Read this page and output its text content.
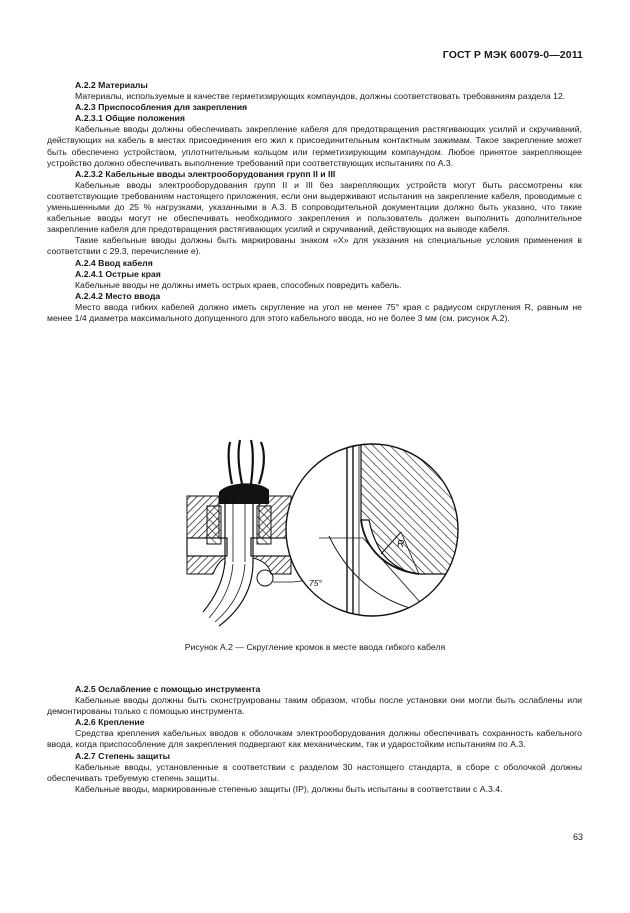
ГОСТ Р МЭК 60079-0—2011

А.2.2 Материалы

Материалы, используемые в качестве герметизирующих компаундов, должны соответствовать требованиям раздела 12.

А.2.3 Приспособления для закрепления

А.2.3.1 Общие положения

Кабельные вводы должны обеспечивать закрепление кабеля для предотвращения растягивающих усилий и скручиваний, действующих на кабель в местах присоединения его жил к присоединительным контактным зажимам. Такое закрепление может быть обеспечено устройством, уплотнительным кольцом или герметизирующим компаундом. Любое принятое закрепляющее устройство должно обеспечивать выполнение требований при соответствующих испытаниях по А.3.

А.2.3.2 Кабельные вводы электрооборудования групп II и III

Кабельные вводы электрооборудования групп II и III без закрепляющих устройств могут быть рассмотрены как соответствующие требованиям настоящего приложения, если они выдерживают испытания на закрепление кабеля, проводимые с уменьшенными до 25 % нагрузками, указанными в А.3. В сопроводительной документации должно быть указано, что такие кабельные вводы могут не обеспечивать необходимого закрепления и пользователь должен выполнить дополнительное закрепление кабеля для предотвращения растягивающих усилий и скручиваний, действующих на выводе кабеля.

Такие кабельные вводы должны быть маркированы знаком «X» для указания на специальные условия применения в соответствии с 29.3, перечисление е).

А.2.4 Ввод кабеля

А.2.4.1 Острые края

Кабельные вводы не должны иметь острых краев, способных повредить кабель.

А.2.4.2 Место ввода

Место ввода гибких кабелей должно иметь скругление на угол не менее 75° края с радиусом скругления R, равным не менее 1/4 диаметра максимального допущенного для этого кабельного ввода, но не более 3 мм (см. рисунок А.2).

R
75°
Рисунок А.2 — Скругление кромок в месте ввода гибкого кабеля

А.2.5 Ослабление с помощью инструмента

Кабельные вводы должны быть сконструированы таким образом, чтобы после установки они могли быть ослаблены или демонтированы только с помощью инструмента.

А.2.6 Крепление

Средства крепления кабельных вводов к оболочкам электрооборудования должны обеспечивать сохранность кабельного ввода, когда приспособление для закрепления подвергают как механическим, так и ударостойким испытаниям по А.3.

А.2.7 Степень защиты

Кабельные вводы, установленные в соответствии с разделом 30 настоящего стандарта, в сборе с оболочкой должны обеспечивать требуемую степень защиты.

Кабельные вводы, маркированные степенью защиты (IP), должны быть испытаны в соответствии с А.3.4.

63
